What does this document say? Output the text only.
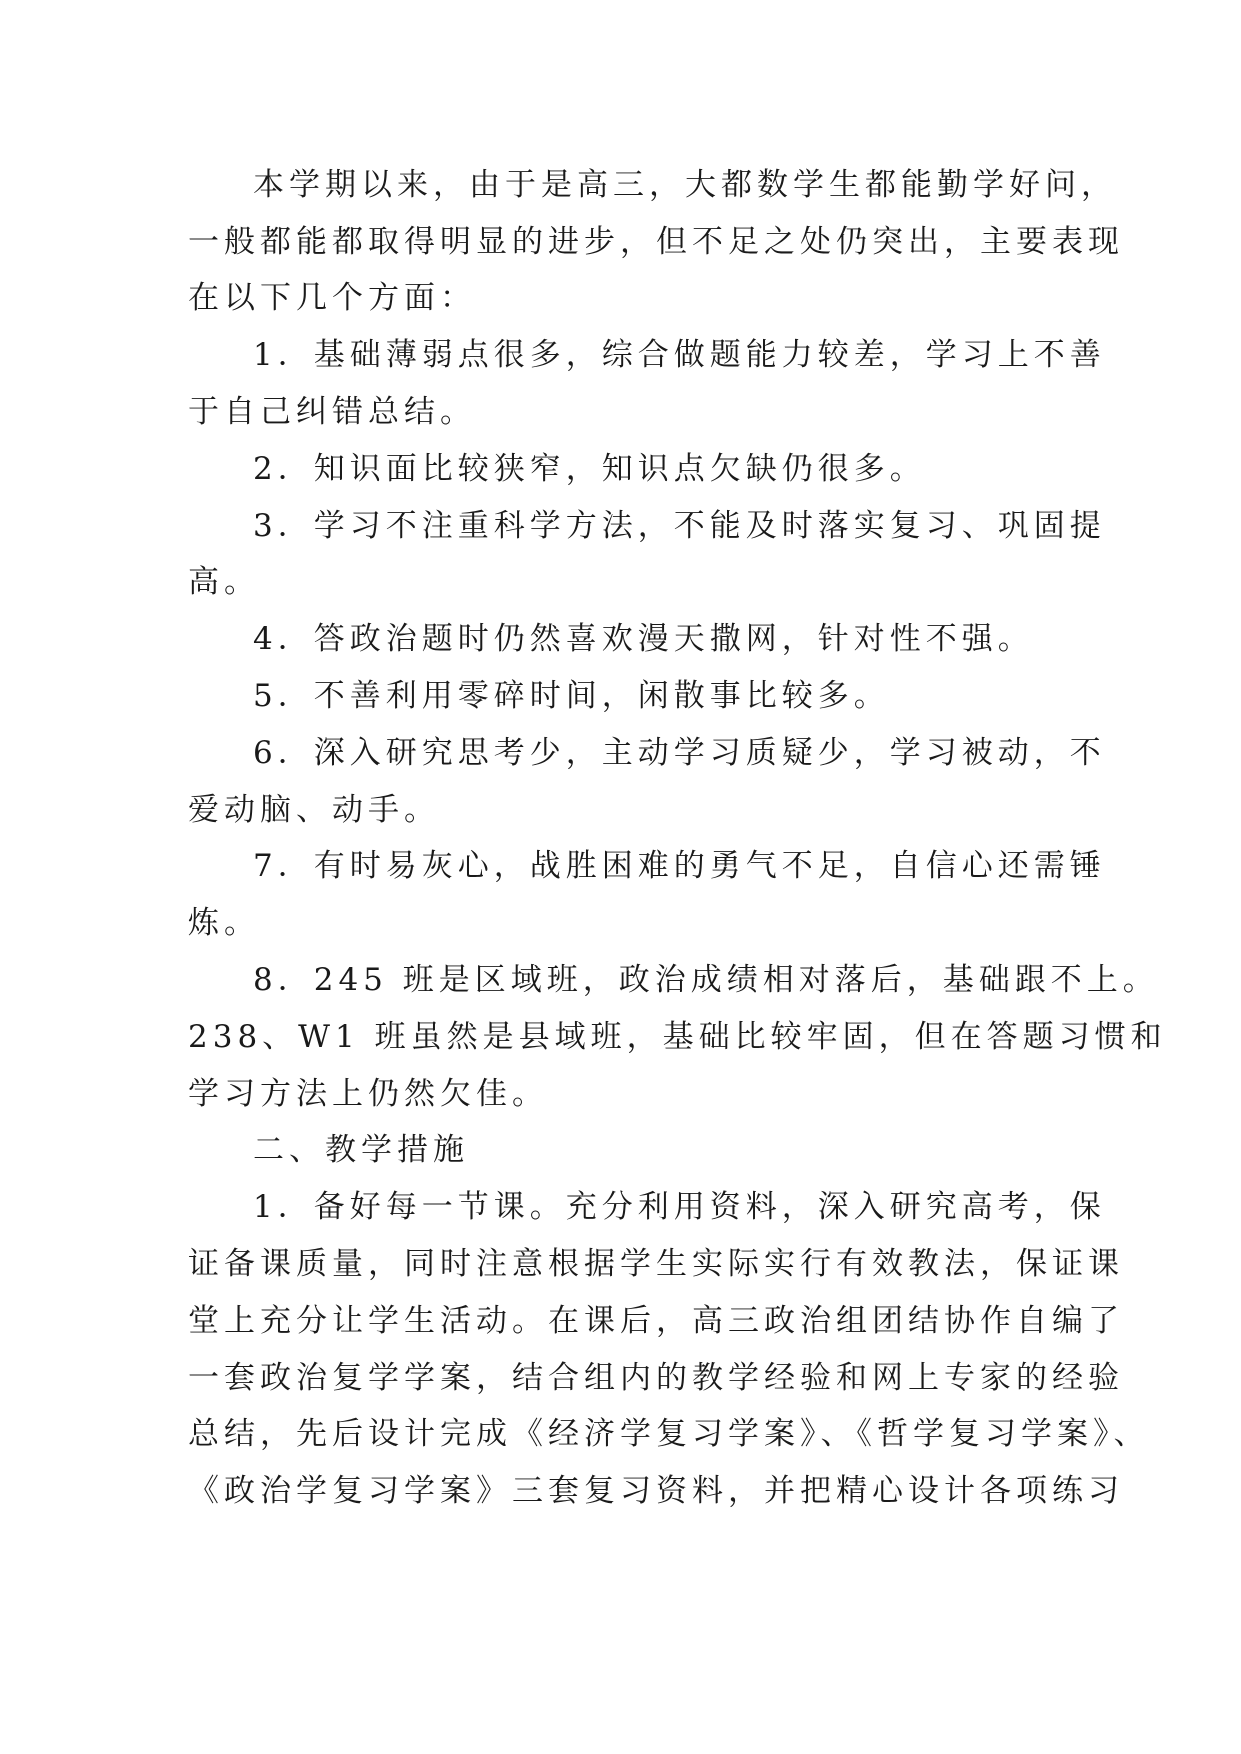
本学期以来，由于是高三，大都数学生都能勤学好问，
一般都能都取得明显的进步，但不足之处仍突出，主要表现
在以下几个方面：
1．基础薄弱点很多，综合做题能力较差，学习上不善
于自己纠错总结。
2．知识面比较狭窄，知识点欠缺仍很多。
3．学习不注重科学方法，不能及时落实复习、巩固提
高。
4．答政治题时仍然喜欢漫天撒网，针对性不强。
5．不善利用零碎时间，闲散事比较多。
6．深入研究思考少，主动学习质疑少，学习被动，不
爱动脑、动手。
7．有时易灰心，战胜困难的勇气不足，自信心还需锤
炼。
8．245 班是区域班，政治成绩相对落后，基础跟不上。
238、W1 班虽然是县域班，基础比较牢固，但在答题习惯和
学习方法上仍然欠佳。
二、教学措施
1．备好每一节课。充分利用资料，深入研究高考，保
证备课质量，同时注意根据学生实际实行有效教法，保证课
堂上充分让学生活动。在课后，高三政治组团结协作自编了
一套政治复学学案，结合组内的教学经验和网上专家的经验
总结，先后设计完成《经济学复习学案》、《哲学复习学案》、
《政治学复习学案》三套复习资料，并把精心设计各项练习
